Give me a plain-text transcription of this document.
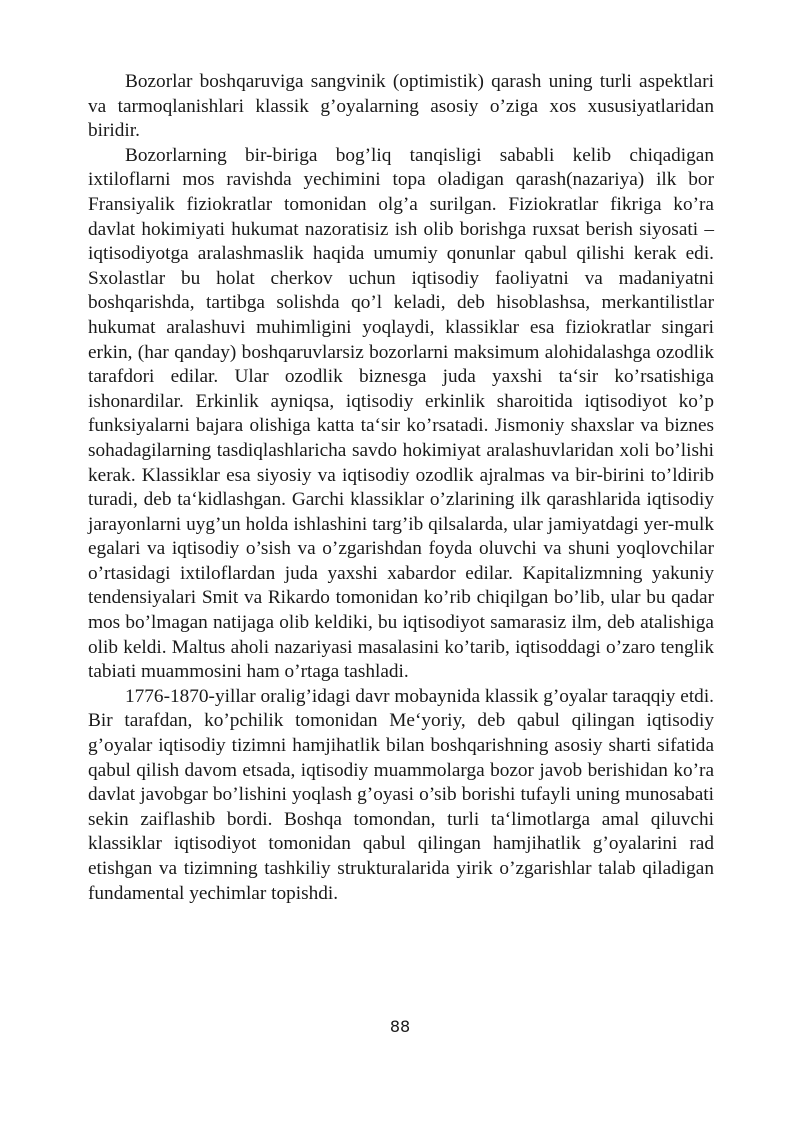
Bozorlar boshqaruviga sangvinik (optimistik) qarash uning turli aspektlari va tarmoqlanishlari klassik g’oyalarning asosiy o’ziga xos xususiyatlaridan biridir.

Bozorlarning bir-biriga bog’liq tanqisligi sababli kelib chiqadigan ixtiloflarni mos ravishda yechimini topa oladigan qarash(nazariya) ilk bor Fransiyalik fiziokratlar tomonidan olg’a surilgan. Fiziokratlar fikriga ko’ra davlat hokimiyati hukumat nazoratisiz ish olib borishga ruxsat berish siyosati – iqtisodiyotga aralashmaslik haqida umumiy qonunlar qabul qilishi kerak edi. Sxolastlar bu holat cherkov uchun iqtisodiy faoliyatni va madaniyatni boshqarishda, tartibga solishda qo’l keladi, deb hisoblashsa, merkantilistlar hukumat aralashuvi muhimligini yoqlaydi, klassiklar esa fiziokratlar singari erkin, (har qanday) boshqaruvlarsiz bozorlarni maksimum alohidalashga ozodlik tarafdori edilar. Ular ozodlik biznesga juda yaxshi ta‘sir ko’rsatishiga ishonardilar. Erkinlik ayniqsa, iqtisodiy erkinlik sharoitida iqtisodiyot ko’p funksiyalarni bajara olishiga katta ta‘sir ko’rsatadi. Jismoniy shaxslar va biznes sohadagilarning tasdiqlashlaricha savdo hokimiyat aralashuvlaridan xoli bo’lishi kerak. Klassiklar esa siyosiy va iqtisodiy ozodlik ajralmas va bir-birini to’ldirib turadi, deb ta‘kidlashgan. Garchi klassiklar o’zlarining ilk qarashlarida iqtisodiy jarayonlarni uyg’un holda ishlashini targ’ib qilsalarda, ular jamiyatdagi yer-mulk egalari va iqtisodiy o’sish va o’zgarishdan foyda oluvchi va shuni yoqlovchilar o’rtasidagi ixtiloflardan juda yaxshi xabardor edilar. Kapitalizmning yakuniy tendensiyalari Smit va Rikardo tomonidan ko’rib chiqilgan bo’lib, ular bu qadar mos bo’lmagan natijaga olib keldiki, bu iqtisodiyot samarasiz ilm, deb atalishiga olib keldi. Maltus aholi nazariyasi masalasini ko’tarib, iqtisoddagi o’zaro tenglik tabiati muammosini ham o’rtaga tashladi.

1776-1870-yillar oralig’idagi davr mobaynida klassik g’oyalar taraqqiy etdi. Bir tarafdan, ko’pchilik tomonidan Me‘yoriy, deb qabul qilingan iqtisodiy g’oyalar iqtisodiy tizimni hamjihatlik bilan boshqarishning asosiy sharti sifatida qabul qilish davom etsada, iqtisodiy muammolarga bozor javob berishidan ko’ra davlat javobgar bo’lishini yoqlash g’oyasi o’sib borishi tufayli uning munosabati sekin zaiflashib bordi. Boshqa tomondan, turli ta‘limotlarga amal qiluvchi klassiklar iqtisodiyot tomonidan qabul qilingan hamjihatlik g’oyalarini rad etishgan va tizimning tashkiliy strukturalarida yirik o’zgarishlar talab qiladigan fundamental yechimlar topishdi.

88
